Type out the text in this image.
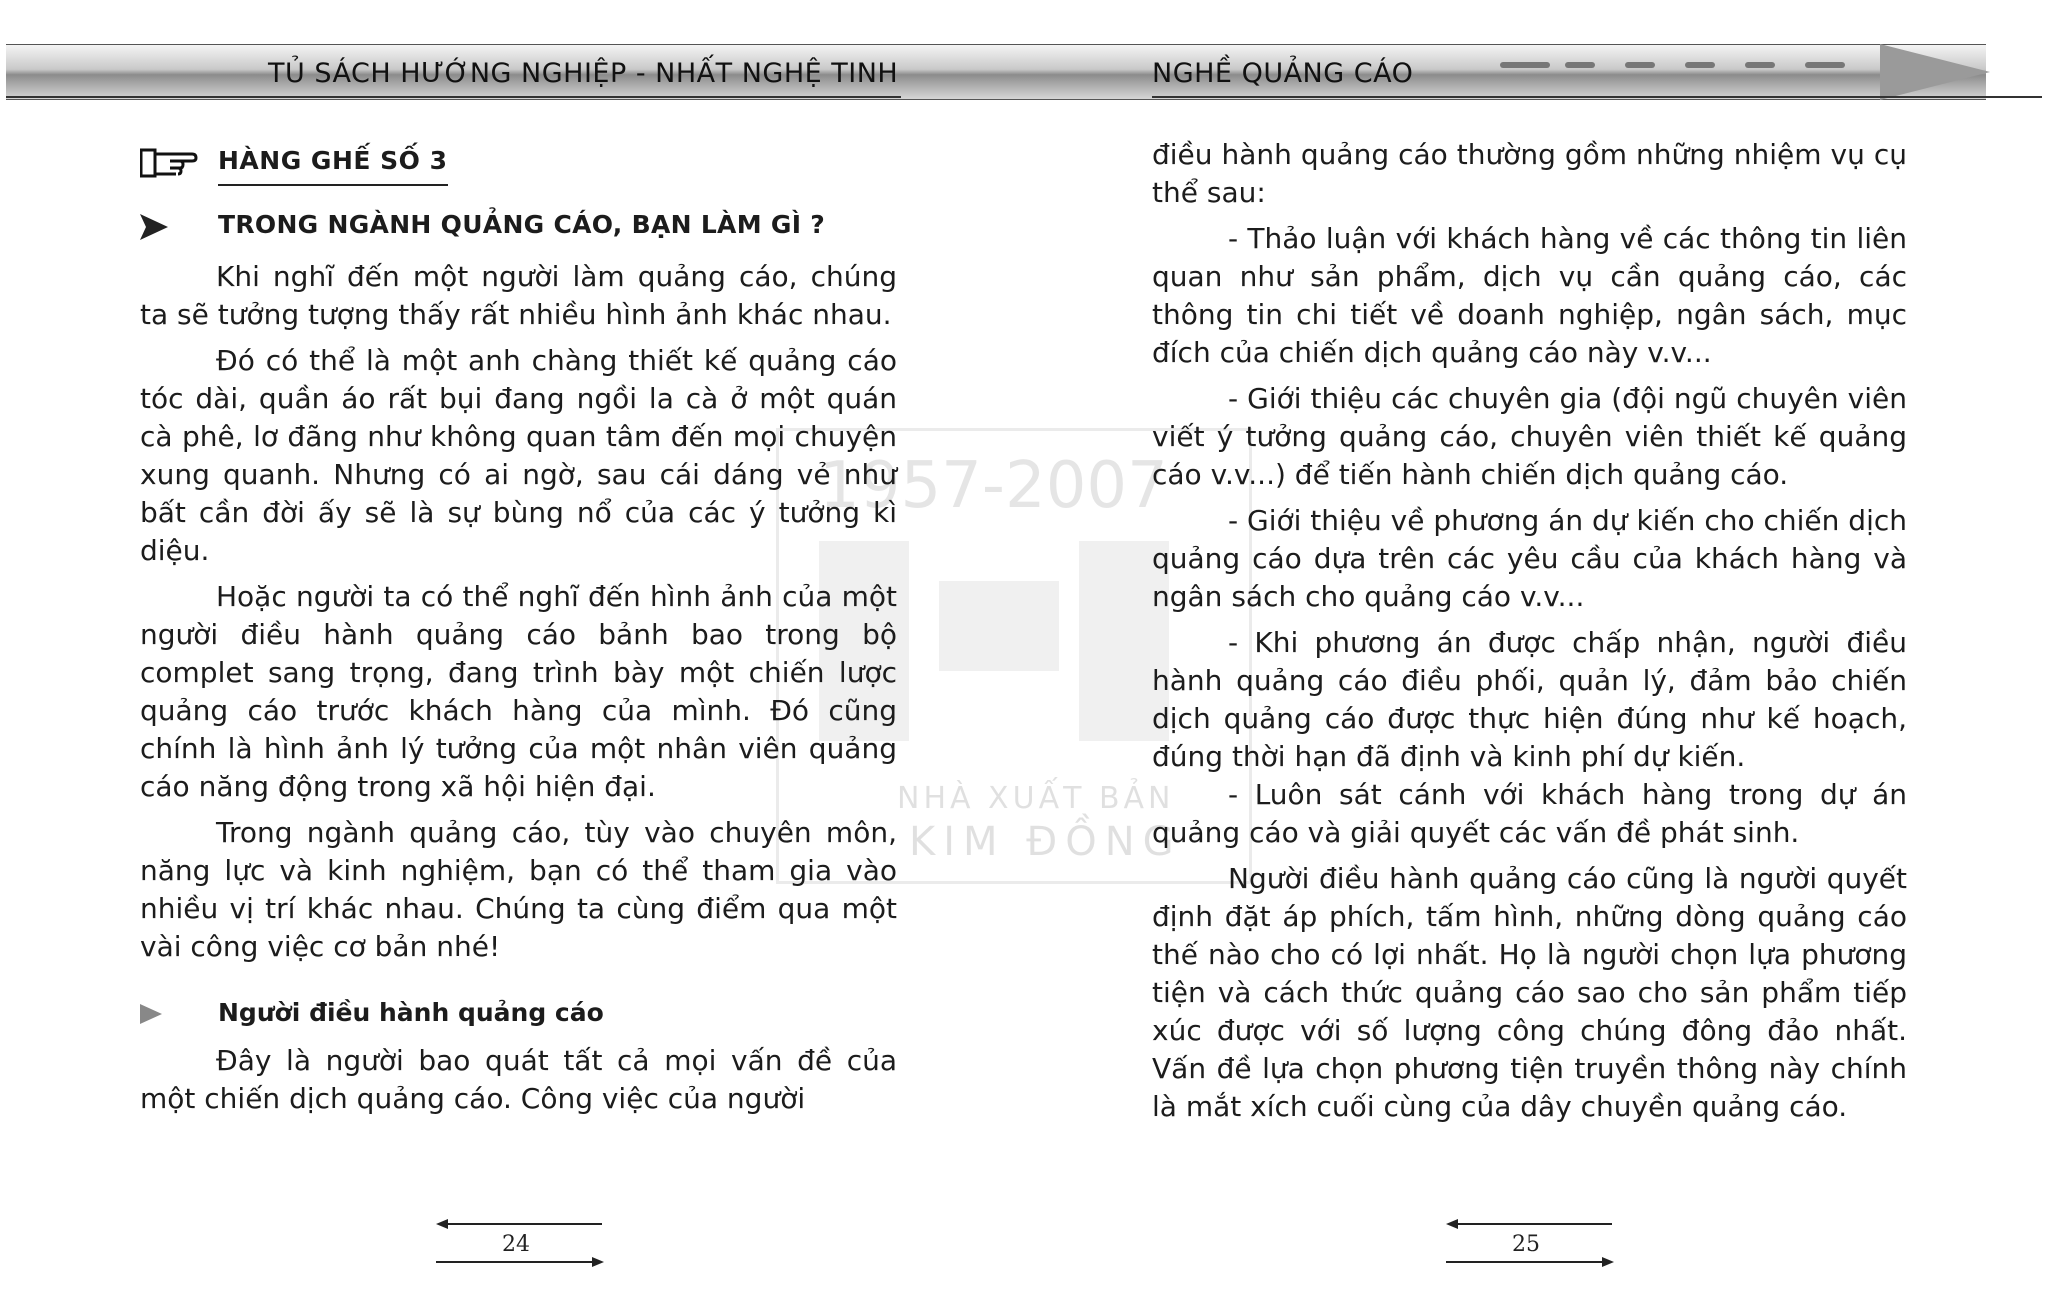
TỦ SÁCH HƯỚNG NGHIỆP - NHẤT NGHỆ TINH	NGHỀ QUẢNG CÁO
1957-2007
NHÀ XUẤT BẢN
KIM ĐỒNG
HÀNG GHẾ SỐ 3
TRONG NGÀNH QUẢNG CÁO, BẠN LÀM GÌ ?

Khi nghĩ đến một người làm quảng cáo, chúng ta sẽ tưởng tượng thấy rất nhiều hình ảnh khác nhau.

Đó có thể là một anh chàng thiết kế quảng cáo tóc dài, quần áo rất bụi đang ngồi la cà ở một quán cà phê, lơ đãng như không quan tâm đến mọi chuyện xung quanh. Nhưng có ai ngờ, sau cái dáng vẻ như bất cần đời ấy sẽ là sự bùng nổ của các ý tưởng kì diệu.

Hoặc người ta có thể nghĩ đến hình ảnh của một người điều hành quảng cáo bảnh bao trong bộ complet sang trọng, đang trình bày một chiến lược quảng cáo trước khách hàng của mình. Đó cũng chính là hình ảnh lý tưởng của một nhân viên quảng cáo năng động trong xã hội hiện đại.

Trong ngành quảng cáo, tùy vào chuyên môn, năng lực và kinh nghiệm, bạn có thể tham gia vào nhiều vị trí khác nhau. Chúng ta cùng điểm qua một vài công việc cơ bản nhé!

Người điều hành quảng cáo

Đây là người bao quát tất cả mọi vấn đề của một chiến dịch quảng cáo. Công việc của người

24

điều hành quảng cáo thường gồm những nhiệm vụ cụ thể sau:

- Thảo luận với khách hàng về các thông tin liên quan như sản phẩm, dịch vụ cần quảng cáo, các thông tin chi tiết về doanh nghiệp, ngân sách, mục đích của chiến dịch quảng cáo này v.v...

- Giới thiệu các chuyên gia (đội ngũ chuyên viên viết ý tưởng quảng cáo, chuyên viên thiết kế quảng cáo v.v...) để tiến hành chiến dịch quảng cáo.

- Giới thiệu về phương án dự kiến cho chiến dịch quảng cáo dựa trên các yêu cầu của khách hàng và ngân sách cho quảng cáo v.v...

- Khi phương án được chấp nhận, người điều hành quảng cáo điều phối, quản lý, đảm bảo chiến dịch quảng cáo được thực hiện đúng như kế hoạch, đúng thời hạn đã định và kinh phí dự kiến.

- Luôn sát cánh với khách hàng trong dự án quảng cáo và giải quyết các vấn đề phát sinh.

Người điều hành quảng cáo cũng là người quyết định đặt áp phích, tấm hình, những dòng quảng cáo thế nào cho có lợi nhất. Họ là người chọn lựa phương tiện và cách thức quảng cáo sao cho sản phẩm tiếp xúc được với số lượng công chúng đông đảo nhất. Vấn đề lựa chọn phương tiện truyền thông này chính là mắt xích cuối cùng của dây chuyền quảng cáo.

25
